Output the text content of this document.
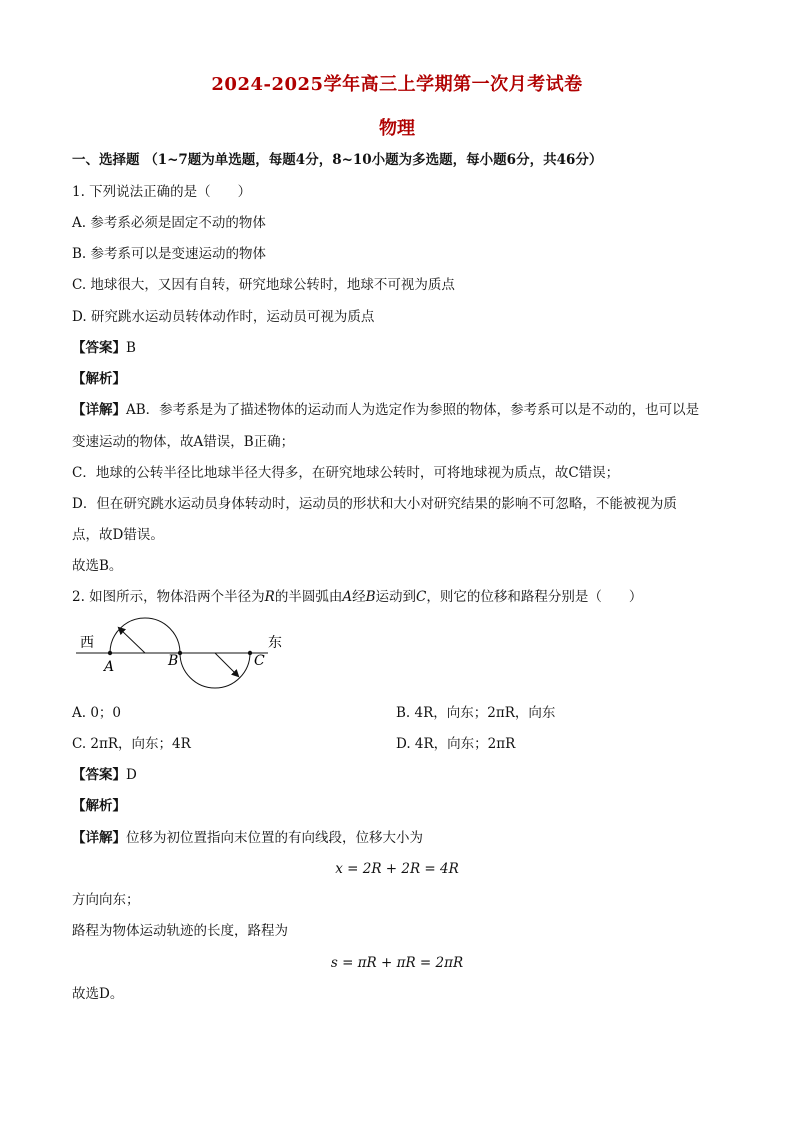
2024-2025学年高三上学期第一次月考试卷
物理
一、选择题 （1~7题为单选题，每题4分，8~10小题为多选题，每小题6分，共46分）
1. 下列说法正确的是（　　）
A. 参考系必须是固定不动的物体
B. 参考系可以是变速运动的物体
C. 地球很大，又因有自转，研究地球公转时，地球不可视为质点
D. 研究跳水运动员转体动作时，运动员可视为质点
【答案】B
【解析】
【详解】AB．参考系是为了描述物体的运动而人为选定作为参照的物体，参考系可以是不动的，也可以是
变速运动的物体，故A错误，B正确；
C．地球的公转半径比地球半径大得多，在研究地球公转时，可将地球视为质点，故C错误；
D．但在研究跳水运动员身体转动时，运动员的形状和大小对研究结果的影响不可忽略，不能被视为质
点，故D错误。
故选B。
2. 如图所示，物体沿两个半径为R的半圆弧由A经B运动到C，则它的位移和路程分别是（　　）
西	东
A	B	C
A. 0；0	B. 4R，向东；2πR，向东
C. 2πR，向东；4R	D. 4R，向东；2πR
【答案】D
【解析】
【详解】位移为初位置指向末位置的有向线段，位移大小为
x = 2R + 2R = 4R
方向向东；
路程为物体运动轨迹的长度，路程为
s = πR + πR = 2πR
故选D。
